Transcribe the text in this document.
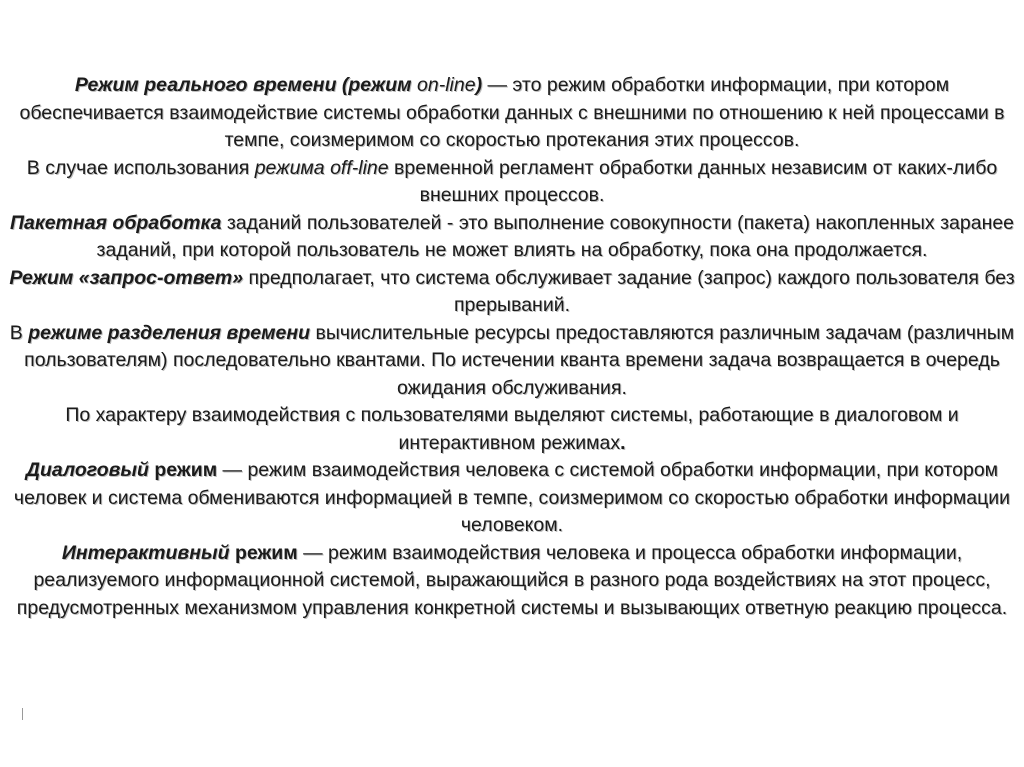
Режим реального времени (режим on-line) — это режим обработки информации, при котором обеспечивается взаимодействие системы обработки данных с внешними по отношению к ней процессами в темпе, соизмеримом со скоростью протекания этих процессов.

В случае использования режима off-line временной регламент обработки данных независим от каких-либо внешних процессов.

Пакетная обработка заданий пользователей - это выполнение совокупности (пакета) накопленных заранее заданий, при которой пользователь не может влиять на обработку, пока она продолжается.

Режим «запрос-ответ» предполагает, что система обслуживает задание (запрос) каждого пользователя без прерываний.

В режиме разделения времени вычислительные ресурсы предоставляются различным задачам (различным пользователям) последовательно квантами. По истечении кванта времени задача возвращается в очередь ожидания обслуживания.

По характеру взаимодействия с пользователями выделяют системы, работающие в диалоговом и интерактивном режимах.

Диалоговый режим — режим взаимодействия человека с системой обработки информации, при котором человек и система обмениваются информацией в темпе, соизмеримом со скоростью обработки информации человеком.

Интерактивный режим — режим взаимодействия человека и процесса обработки информации, реализуемого информационной системой, выражающийся в разного рода воздействиях на этот процесс, предусмотренных механизмом управления конкретной системы и вызывающих ответную реакцию процесса.
